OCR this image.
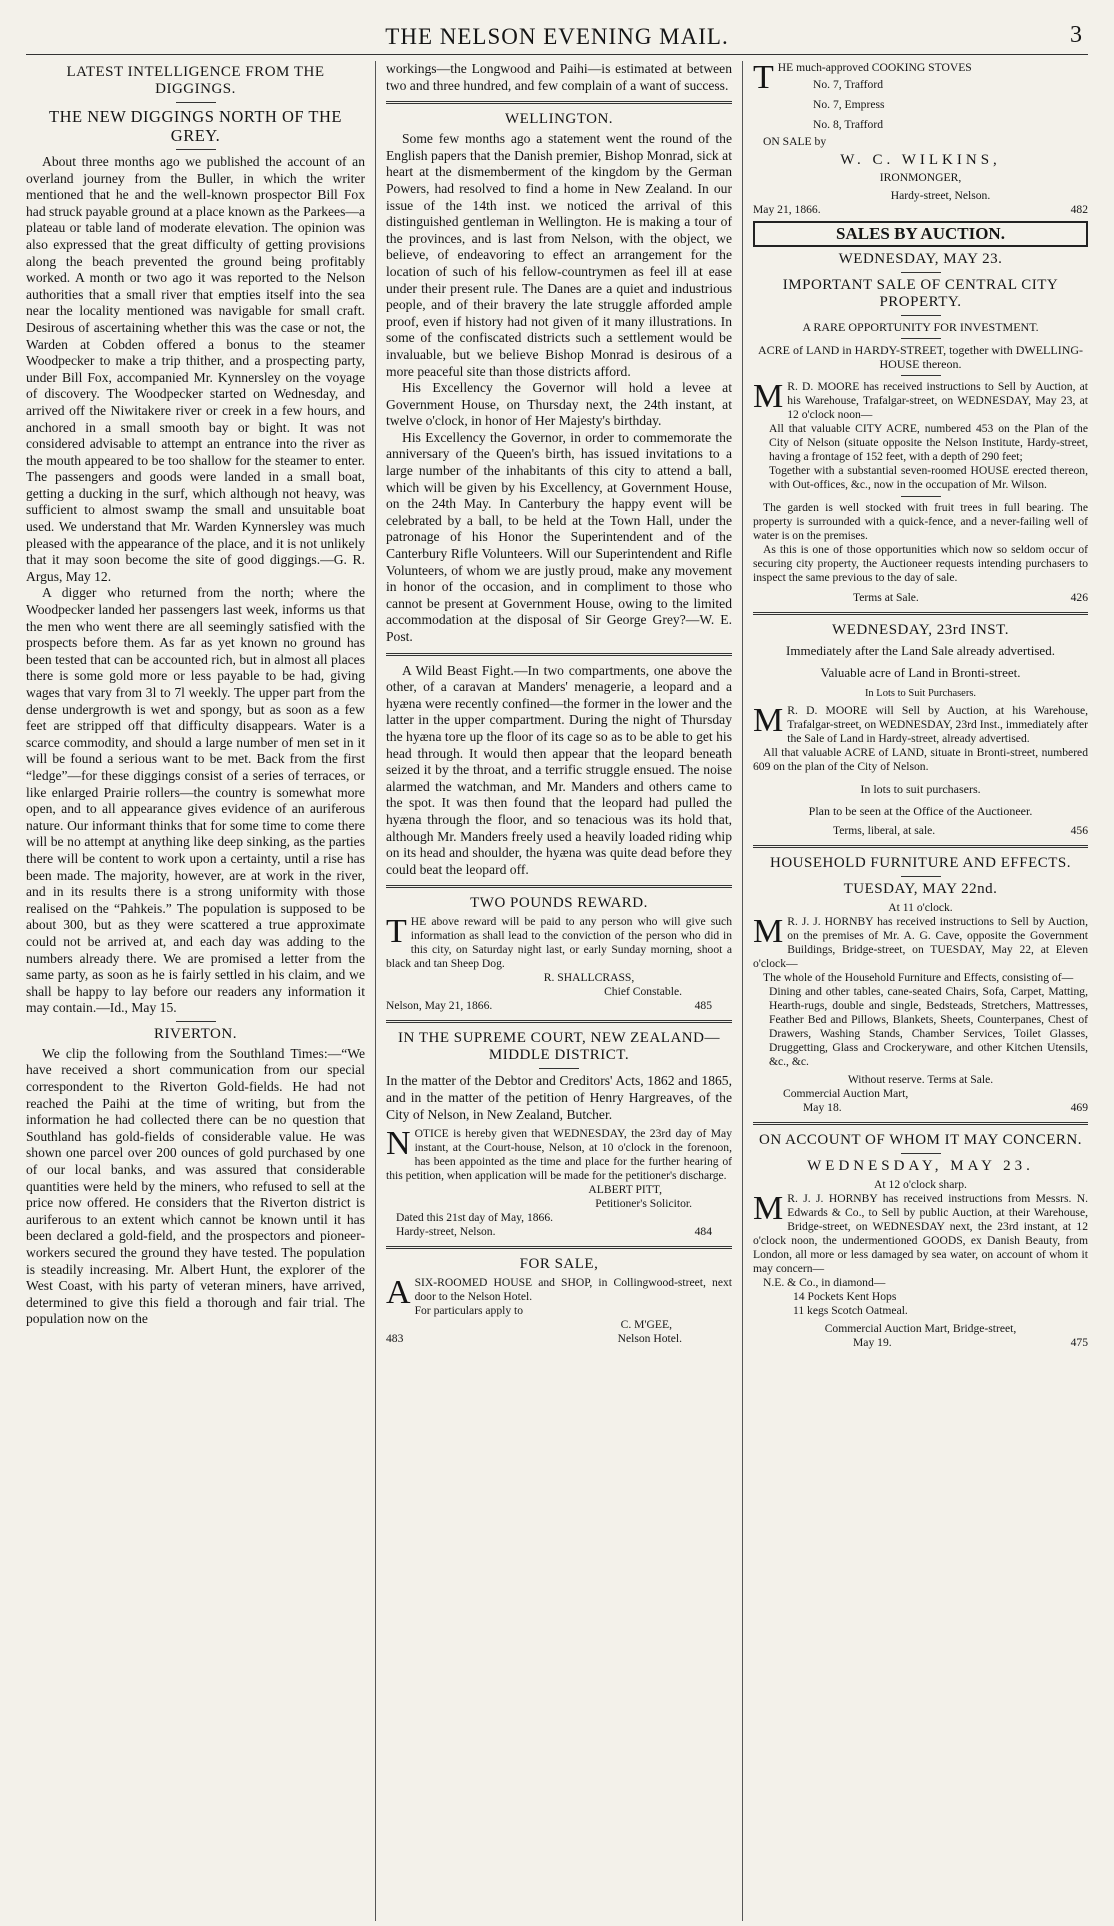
THE NELSON EVENING MAIL.	3
LATEST INTELLIGENCE FROM THE DIGGINGS.
THE NEW DIGGINGS NORTH OF THE GREY.

About three months ago we published the account of an overland journey from the Buller, in which the writer mentioned that he and the well-known prospector Bill Fox had struck payable ground at a place known as the Parkees—a plateau or table land of moderate elevation. The opinion was also expressed that the great difficulty of getting provisions along the beach prevented the ground being profitably worked. A month or two ago it was reported to the Nelson authorities that a small river that empties itself into the sea near the locality mentioned was navigable for small craft. Desirous of ascertaining whether this was the case or not, the Warden at Cobden offered a bonus to the steamer Woodpecker to make a trip thither, and a prospecting party, under Bill Fox, accompanied Mr. Kynnersley on the voyage of discovery. The Woodpecker started on Wednesday, and arrived off the Niwitakere river or creek in a few hours, and anchored in a small smooth bay or bight. It was not considered advisable to attempt an entrance into the river as the mouth appeared to be too shallow for the steamer to enter. The passengers and goods were landed in a small boat, getting a ducking in the surf, which although not heavy, was sufficient to almost swamp the small and unsuitable boat used. We understand that Mr. Warden Kynnersley was much pleased with the appearance of the place, and it is not unlikely that it may soon become the site of good diggings.—G. R. Argus, May 12.

A digger who returned from the north; where the Woodpecker landed her passengers last week, informs us that the men who went there are all seemingly satisfied with the prospects before them. As far as yet known no ground has been tested that can be accounted rich, but in almost all places there is some gold more or less payable to be had, giving wages that vary from 3l to 7l weekly. The upper part from the dense undergrowth is wet and spongy, but as soon as a few feet are stripped off that difficulty disappears. Water is a scarce commodity, and should a large number of men set in it will be found a serious want to be met. Back from the first “ledge”—for these diggings consist of a series of terraces, or like enlarged Prairie rollers—the country is somewhat more open, and to all appearance gives evidence of an auriferous nature. Our informant thinks that for some time to come there will be no attempt at anything like deep sinking, as the parties there will be content to work upon a certainty, until a rise has been made. The majority, however, are at work in the river, and in its results there is a strong uniformity with those realised on the “Pahkeis.” The population is supposed to be about 300, but as they were scattered a true approximate could not be arrived at, and each day was adding to the numbers already there. We are promised a letter from the same party, as soon as he is fairly settled in his claim, and we shall be happy to lay before our readers any information it may contain.—Id., May 15.

RIVERTON.

We clip the following from the Southland Times:—“We have received a short communication from our special correspondent to the Riverton Gold-fields. He had not reached the Paihi at the time of writing, but from the information he had collected there can be no question that Southland has gold-fields of considerable value. He was shown one parcel over 200 ounces of gold purchased by one of our local banks, and was assured that considerable quantities were held by the miners, who refused to sell at the price now offered. He considers that the Riverton district is auriferous to an extent which cannot be known until it has been declared a gold-field, and the prospectors and pioneer-workers secured the ground they have tested. The population is steadily increasing. Mr. Albert Hunt, the explorer of the West Coast, with his party of veteran miners, have arrived, determined to give this field a thorough and fair trial. The population now on the

workings—the Longwood and Paihi—is estimated at between two and three hundred, and few complain of a want of success.

WELLINGTON.

Some few months ago a statement went the round of the English papers that the Danish premier, Bishop Monrad, sick at heart at the dismemberment of the kingdom by the German Powers, had resolved to find a home in New Zealand. In our issue of the 14th inst. we noticed the arrival of this distinguished gentleman in Wellington. He is making a tour of the provinces, and is last from Nelson, with the object, we believe, of endeavoring to effect an arrangement for the location of such of his fellow-countrymen as feel ill at ease under their present rule. The Danes are a quiet and industrious people, and of their bravery the late struggle afforded ample proof, even if history had not given of it many illustrations. In some of the confiscated districts such a settlement would be invaluable, but we believe Bishop Monrad is desirous of a more peaceful site than those districts afford.

His Excellency the Governor will hold a levee at Government House, on Thursday next, the 24th instant, at twelve o'clock, in honor of Her Majesty's birthday.

His Excellency the Governor, in order to commemorate the anniversary of the Queen's birth, has issued invitations to a large number of the inhabitants of this city to attend a ball, which will be given by his Excellency, at Government House, on the 24th May. In Canterbury the happy event will be celebrated by a ball, to be held at the Town Hall, under the patronage of his Honor the Superintendent and of the Canterbury Rifle Volunteers. Will our Superintendent and Rifle Volunteers, of whom we are justly proud, make any movement in honor of the occasion, and in compliment to those who cannot be present at Government House, owing to the limited accommodation at the disposal of Sir George Grey?—W. E. Post.

A Wild Beast Fight.—In two compartments, one above the other, of a caravan at Manders' menagerie, a leopard and a hyæna were recently confined—the former in the lower and the latter in the upper compartment. During the night of Thursday the hyæna tore up the floor of its cage so as to be able to get his head through. It would then appear that the leopard beneath seized it by the throat, and a terrific struggle ensued. The noise alarmed the watchman, and Mr. Manders and others came to the spot. It was then found that the leopard had pulled the hyæna through the floor, and so tenacious was its hold that, although Mr. Manders freely used a heavily loaded riding whip on its head and shoulder, the hyæna was quite dead before they could beat the leopard off.

TWO POUNDS REWARD.

THE above reward will be paid to any person who will give such information as shall lead to the conviction of the person who did in this city, on Saturday night last, or early Sunday morning, shoot a black and tan Sheep Dog.

R. SHALLCRASS,

Chief Constable.

Nelson, May 21, 1866.	485
IN THE SUPREME COURT, NEW ZEALAND—MIDDLE DISTRICT.

In the matter of the Debtor and Creditors' Acts, 1862 and 1865, and in the matter of the petition of Henry Hargreaves, of the City of Nelson, in New Zealand, Butcher.

NOTICE is hereby given that WEDNESDAY, the 23rd day of May instant, at the Court-house, Nelson, at 10 o'clock in the forenoon, has been appointed as the time and place for the further hearing of this petition, when application will be made for the petitioner's discharge.

ALBERT PITT,

Petitioner's Solicitor.

Dated this 21st day of May, 1866.

Hardy-street, Nelson.	484
FOR SALE,

ASIX-ROOMED HOUSE and SHOP, in Collingwood-street, next door to the Nelson Hotel.

For particulars apply to

C. M'GEE,

483	Nelson Hotel.

THE much-approved COOKING STOVES

No. 7, Trafford

No. 7, Empress

No. 8, Trafford

ON SALE by

W. C. WILKINS,
IRONMONGER,

Hardy-street, Nelson.

May 21, 1866.	482
SALES BY AUCTION.
WEDNESDAY, MAY 23.
IMPORTANT SALE OF CENTRAL CITY PROPERTY.
A RARE OPPORTUNITY FOR INVESTMENT.
ACRE of LAND in HARDY-STREET, together with DWELLING-HOUSE thereon.

M R. D. MOORE has received instructions to Sell by Auction, at his Warehouse, Trafalgar-street, on WEDNESDAY, May 23, at 12 o'clock noon—

All that valuable CITY ACRE, numbered 453 on the Plan of the City of Nelson (situate opposite the Nelson Institute, Hardy-street, having a frontage of 152 feet, with a depth of 290 feet;

Together with a substantial seven-roomed HOUSE erected thereon, with Out-offices, &c., now in the occupation of Mr. Wilson.

The garden is well stocked with fruit trees in full bearing. The property is surrounded with a quick-fence, and a never-failing well of water is on the premises.

As this is one of those opportunities which now so seldom occur of securing city property, the Auctioneer requests intending purchasers to inspect the same previous to the day of sale.

Terms at Sale.	426
WEDNESDAY, 23rd INST.
Immediately after the Land Sale already advertised.
Valuable acre of Land in Bronti-street.
In Lots to Suit Purchasers.

M R. D. MOORE will Sell by Auction, at his Warehouse, Trafalgar-street, on WEDNESDAY, 23rd Inst., immediately after the Sale of Land in Hardy-street, already advertised.

All that valuable ACRE of LAND, situate in Bronti-street, numbered 609 on the plan of the City of Nelson.

In lots to suit purchasers.
Plan to be seen at the Office of the Auctioneer.
Terms, liberal, at sale.	456
HOUSEHOLD FURNITURE AND EFFECTS.
TUESDAY, MAY 22nd.
At 11 o'clock.

M R. J. J. HORNBY has received instructions to Sell by Auction, on the premises of Mr. A. G. Cave, opposite the Government Buildings, Bridge-street, on TUESDAY, May 22, at Eleven o'clock—

The whole of the Household Furniture and Effects, consisting of—

Dining and other tables, cane-seated Chairs, Sofa, Carpet, Matting, Hearth-rugs, double and single, Bedsteads, Stretchers, Mattresses, Feather Bed and Pillows, Blankets, Sheets, Counterpanes, Chest of Drawers, Washing Stands, Chamber Services, Toilet Glasses, Druggetting, Glass and Crockeryware, and other Kitchen Utensils, &c., &c.

Without reserve. Terms at Sale.

Commercial Auction Mart,

May 18.	469
ON ACCOUNT OF WHOM IT MAY CONCERN.
WEDNESDAY, MAY 23.
At 12 o'clock sharp.

M R. J. J. HORNBY has received instructions from Messrs. N. Edwards & Co., to Sell by public Auction, at their Warehouse, Bridge-street, on WEDNESDAY next, the 23rd instant, at 12 o'clock noon, the undermentioned GOODS, ex Danish Beauty, from London, all more or less damaged by sea water, on account of whom it may concern—

N.E. & Co., in diamond—

14 Pockets Kent Hops

11 kegs Scotch Oatmeal.

Commercial Auction Mart, Bridge-street,

May 19.	475
